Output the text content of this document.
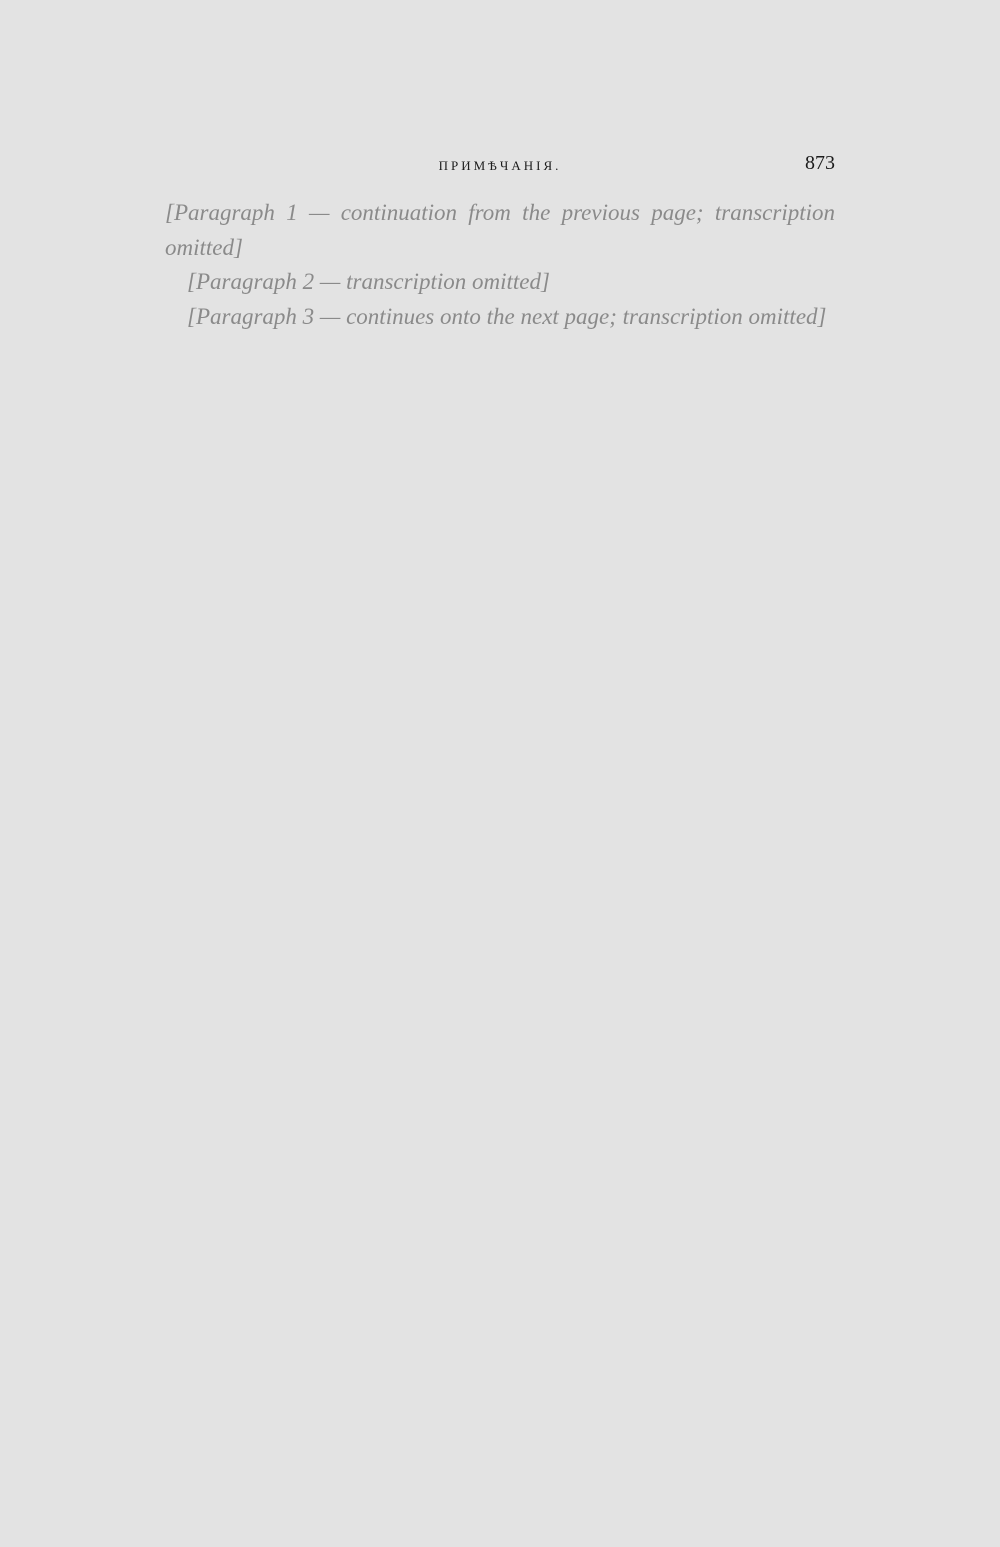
ПРИМѢЧАНІЯ.	873

[Paragraph 1 — continuation from the previous page; transcription omitted]

[Paragraph 2 — transcription omitted]

[Paragraph 3 — continues onto the next page; transcription omitted]
